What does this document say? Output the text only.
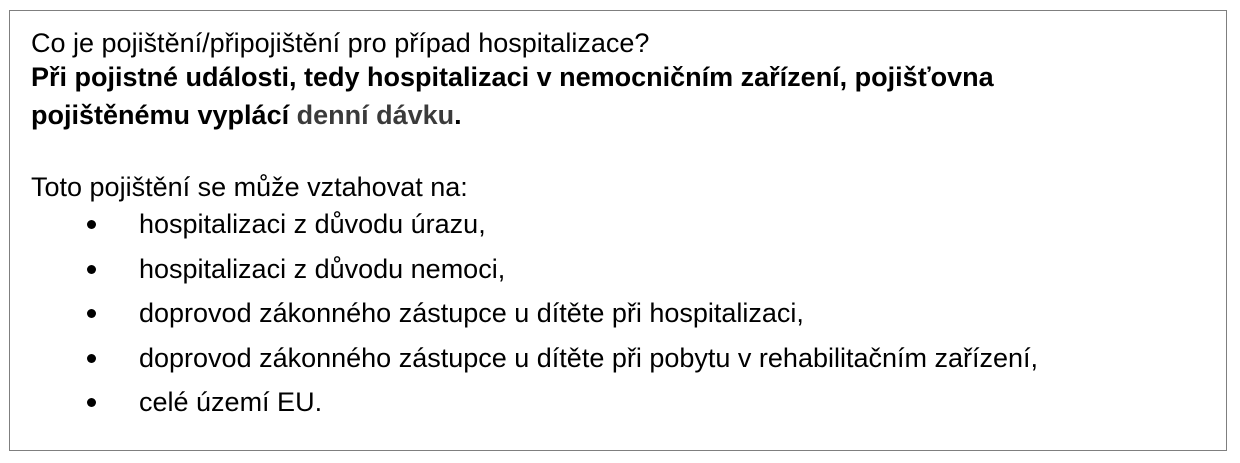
Co je pojištění/připojištění pro případ hospitalizace?
Při pojistné události, tedy hospitalizaci v nemocničním zařízení, pojišťovna
pojištěnému vyplácí denní dávku.
Toto pojištění se může vztahovat na:
hospitalizaci z důvodu úrazu,
hospitalizaci z důvodu nemoci,
doprovod zákonného zástupce u dítěte při hospitalizaci,
doprovod zákonného zástupce u dítěte při pobytu v rehabilitačním zařízení,
celé území EU.
